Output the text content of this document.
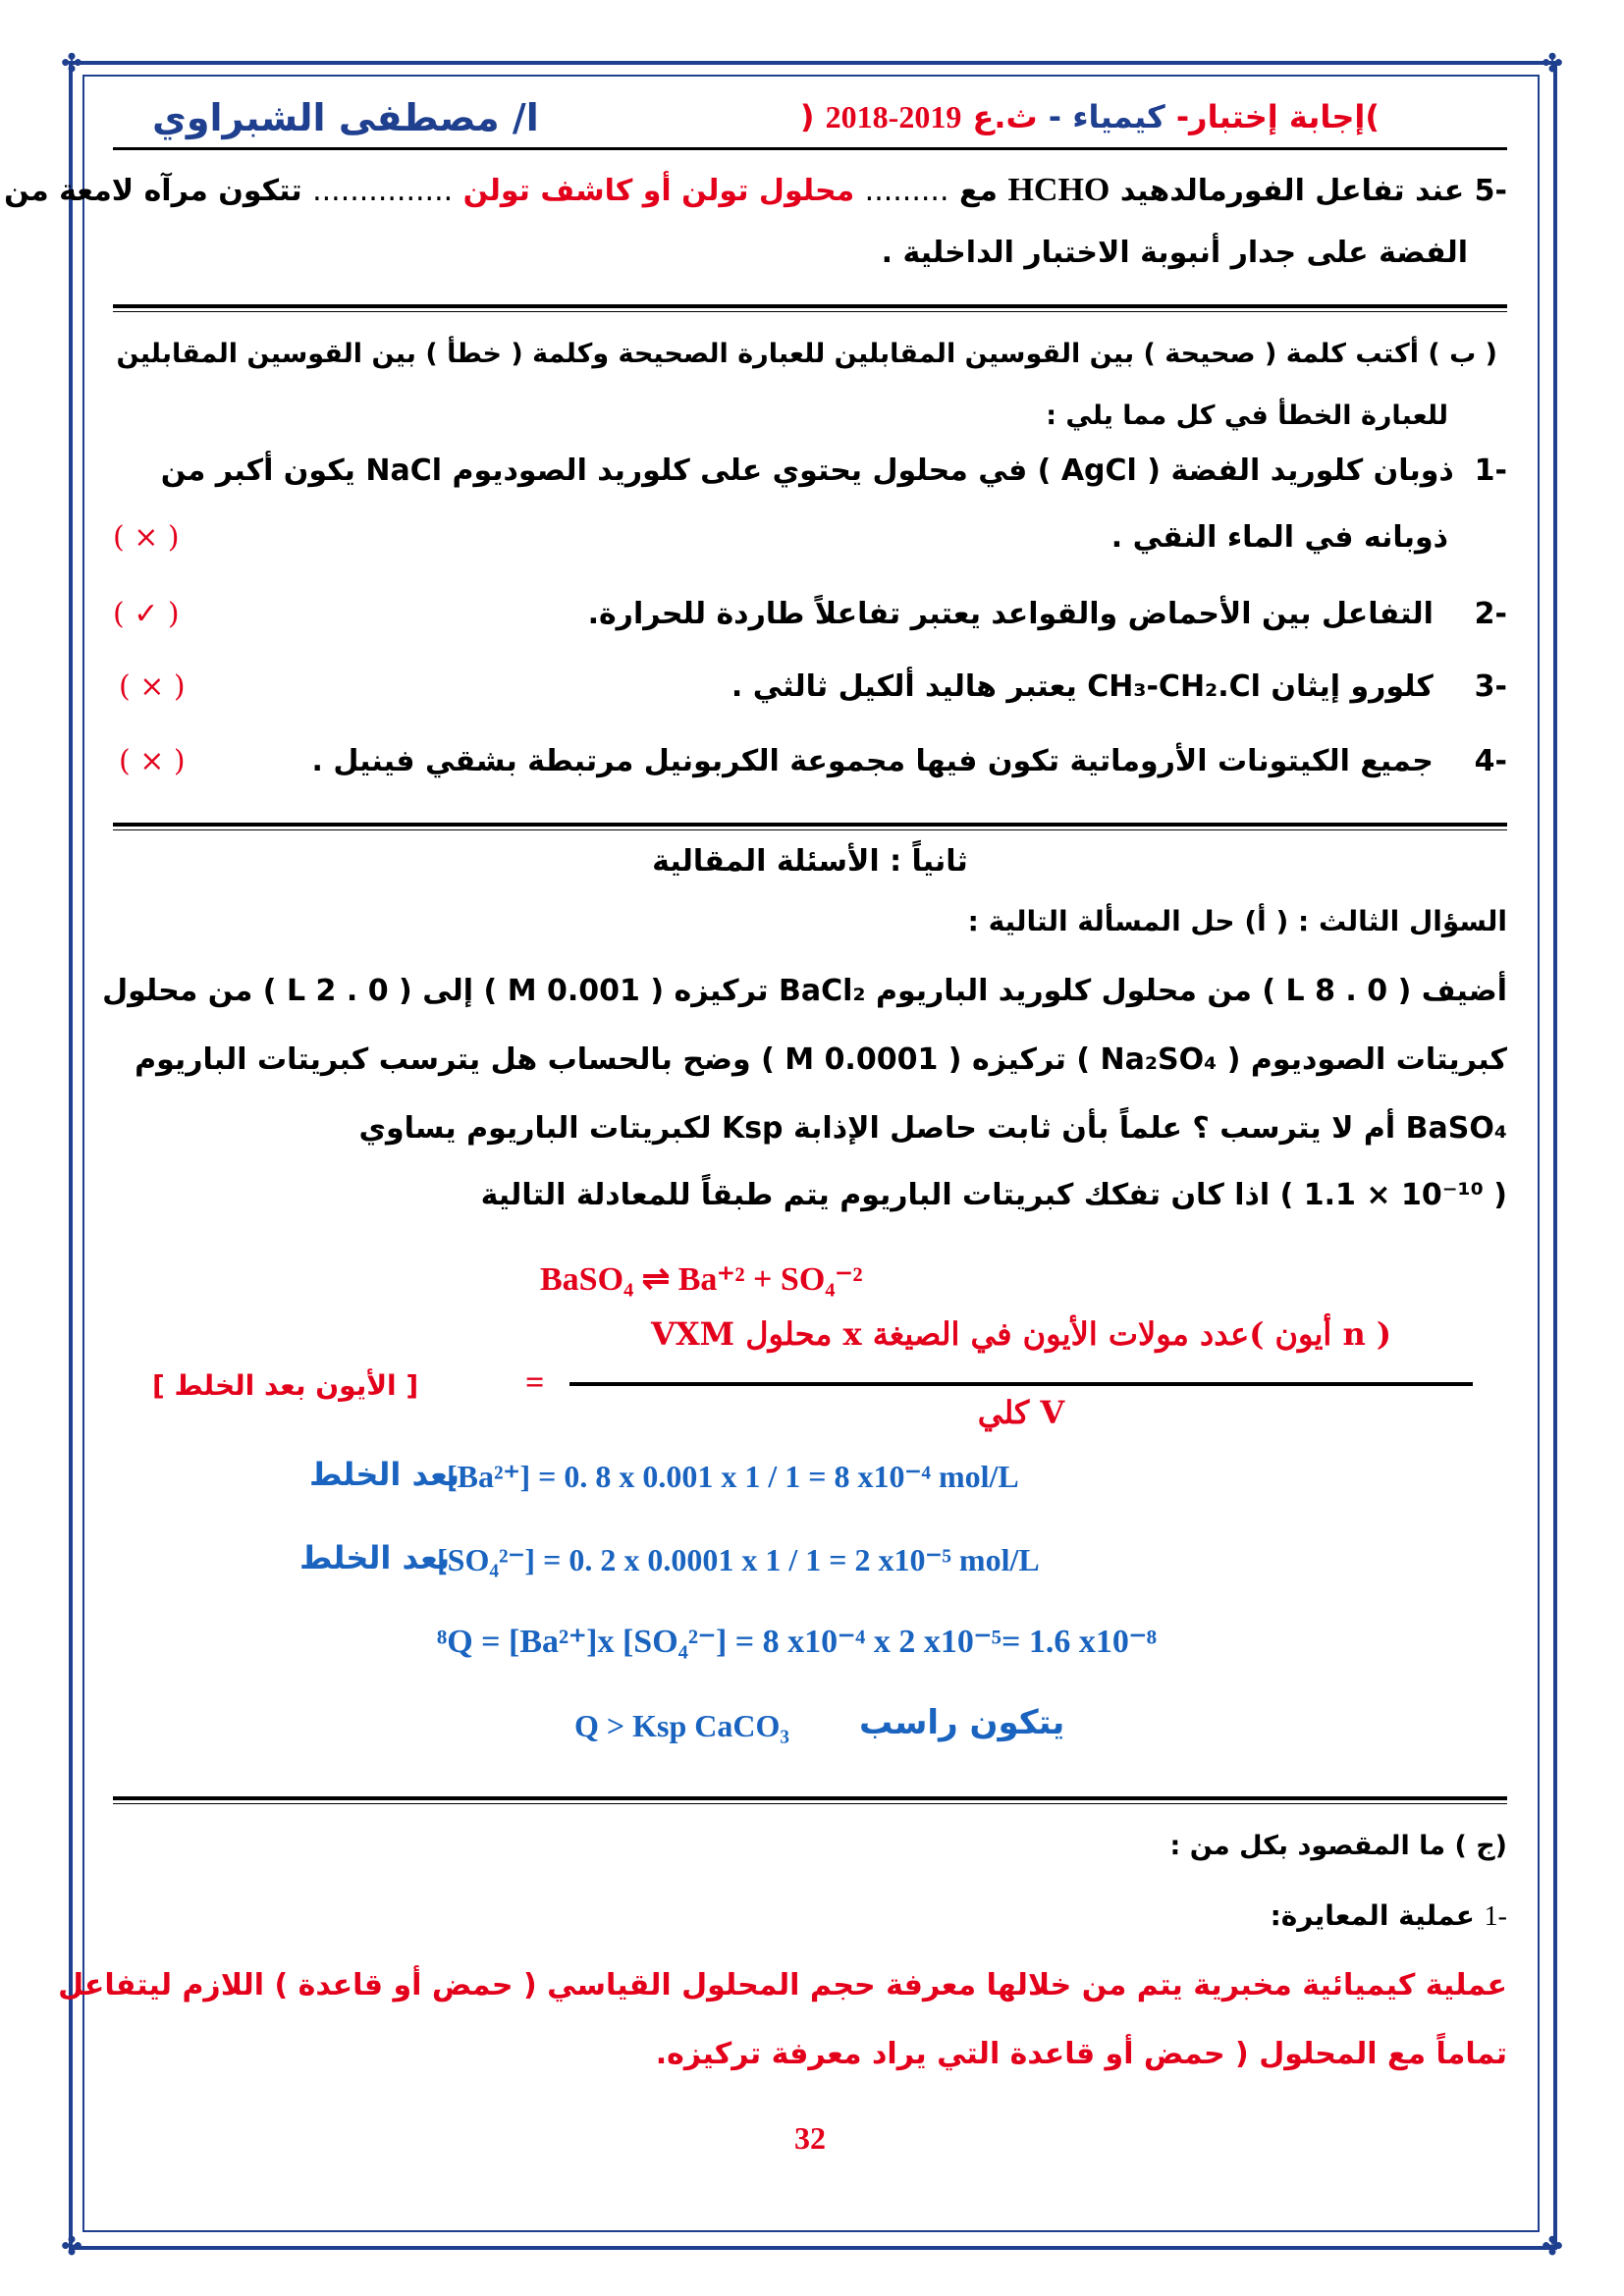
✤	✤
✤	✤
ا/ مصطفى الشبراوي	)إجابة إختبار- كيمياء - ث.ع 2019-2018 (
-5 عند تفاعل الفورمالدهيد HCHO مع ......... محلول تولن أو كاشف تولن ............... تتكون مرآه لامعة من
الفضة على جدار أنبوبة الاختبار الداخلية .
( ب ) أكتب كلمة ( صحيحة ) بين القوسين المقابلين للعبارة الصحيحة وكلمة ( خطأ ) بين القوسين المقابلين
للعبارة الخطأ في كل مما يلي :
-1  ذوبان كلوريد الفضة ( AgCl ) في محلول يحتوي على كلوريد الصوديوم NaCl يكون أكبر من
ذوبانه في الماء النقي .
( × )
-2    التفاعل بين الأحماض والقواعد يعتبر تفاعلاً طاردة للحرارة.
( ✓ )
-3    كلورو إيثان CH₃-CH₂.Cl يعتبر هاليد ألكيل ثالثي .
( × )
-4    جميع الكيتونات الأروماتية تكون فيها مجموعة الكربونيل مرتبطة بشقي فينيل .
( × )
ثانياً : الأسئلة المقالية
السؤال الثالث : ( أ) حل المسألة التالية :
أضيف ( 0 . 8 L ) من محلول كلوريد الباريوم BaCl₂ تركيزه ( 0.001 M ) إلى ( 0 . 2 L ) من محلول
كبريتات الصوديوم ( Na₂SO₄ ) تركيزه ( 0.0001 M ) وضح بالحساب هل يترسب كبريتات الباريوم
BaSO₄ أم لا يترسب ؟ علماً بأن ثابت حاصل الإذابة Ksp لكبريتات الباريوم يساوي
( 10⁻¹⁰ × 1.1 ) اذا كان تفكك كبريتات الباريوم يتم طبقاً للمعادلة التالية
BaSO₄ ⇌ Ba⁺² + SO₄⁻²
[ الأيون بعد الخلط ]	=
( n أيون )عدد مولات الأيون في الصيغة x محلول VXM
V كلي
[Ba²⁺] = 0. 8 x 0.001 x 1 / 1 = 8 x10⁻⁴ mol/L
بعد الخلط
[SO₄²⁻] = 0. 2 x 0.0001 x 1 / 1 = 2 x10⁻⁵ mol/L
بعد الخلط
⁸Q = [Ba²⁺]x [SO₄²⁻] = 8 x10⁻⁴ x 2 x10⁻⁵= 1.6 x10⁻⁸
Q > Ksp CaCO₃ يتكون راسب
(ج ) ما المقصود بكل من :
-1 عملية المعايرة:
عملية كيميائية مخبرية يتم من خلالها معرفة حجم المحلول القياسي ( حمض أو قاعدة ) اللازم ليتفاعل
تماماً مع المحلول ( حمض أو قاعدة التي يراد معرفة تركيزه.
32
